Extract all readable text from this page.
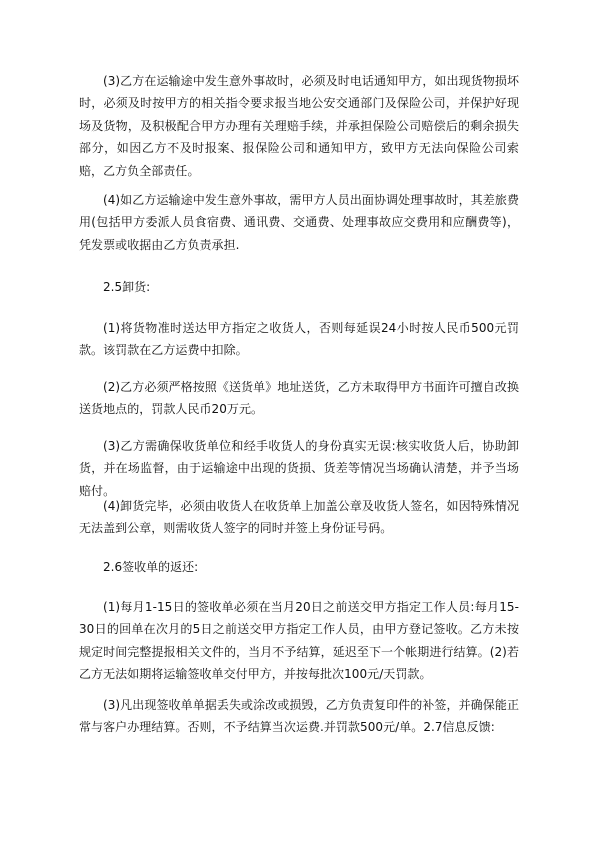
(3)乙方在运输途中发生意外事故时，必须及时电话通知甲方，如出现货物损坏时，必须及时按甲方的相关指令要求报当地公安交通部门及保险公司，并保护好现场及货物，及积极配合甲方办理有关理赔手续，并承担保险公司赔偿后的剩余损失部分，如因乙方不及时报案、报保险公司和通知甲方，致甲方无法向保险公司索赔，乙方负全部责任。

(4)如乙方运输途中发生意外事故，需甲方人员出面协调处理事故时，其差旅费用(包括甲方委派人员食宿费、通讯费、交通费、处理事故应交费用和应酬费等)，凭发票或收据由乙方负责承担.

2.5卸货:

(1)将货物准时送达甲方指定之收货人，否则每延误24小时按人民币500元罚款。该罚款在乙方运费中扣除。

(2)乙方必须严格按照《送货单》地址送货，乙方未取得甲方书面许可擅自改换送货地点的，罚款人民币20万元。

(3)乙方需确保收货单位和经手收货人的身份真实无误:核实收货人后，协助卸货，并在场监督，由于运输途中出现的货损、货差等情况当场确认清楚，并予当场赔付。

(4)卸货完毕，必须由收货人在收货单上加盖公章及收货人签名，如因特殊情况无法盖到公章，则需收货人签字的同时并签上身份证号码。

2.6签收单的返还:

(1)每月1-15日的签收单必须在当月20日之前送交甲方指定工作人员:每月15-30日的回单在次月的5日之前送交甲方指定工作人员，由甲方登记签收。乙方未按规定时间完整提报相关文件的，当月不予结算，延迟至下一个帐期进行结算。(2)若乙方无法如期将运输签收单交付甲方，并按每批次100元/天罚款。

(3)凡出现签收单单据丢失或涂改或损毁，乙方负责复印件的补签，并确保能正常与客户办理结算。否则，不予结算当次运费.并罚款500元/单。2.7信息反馈:
